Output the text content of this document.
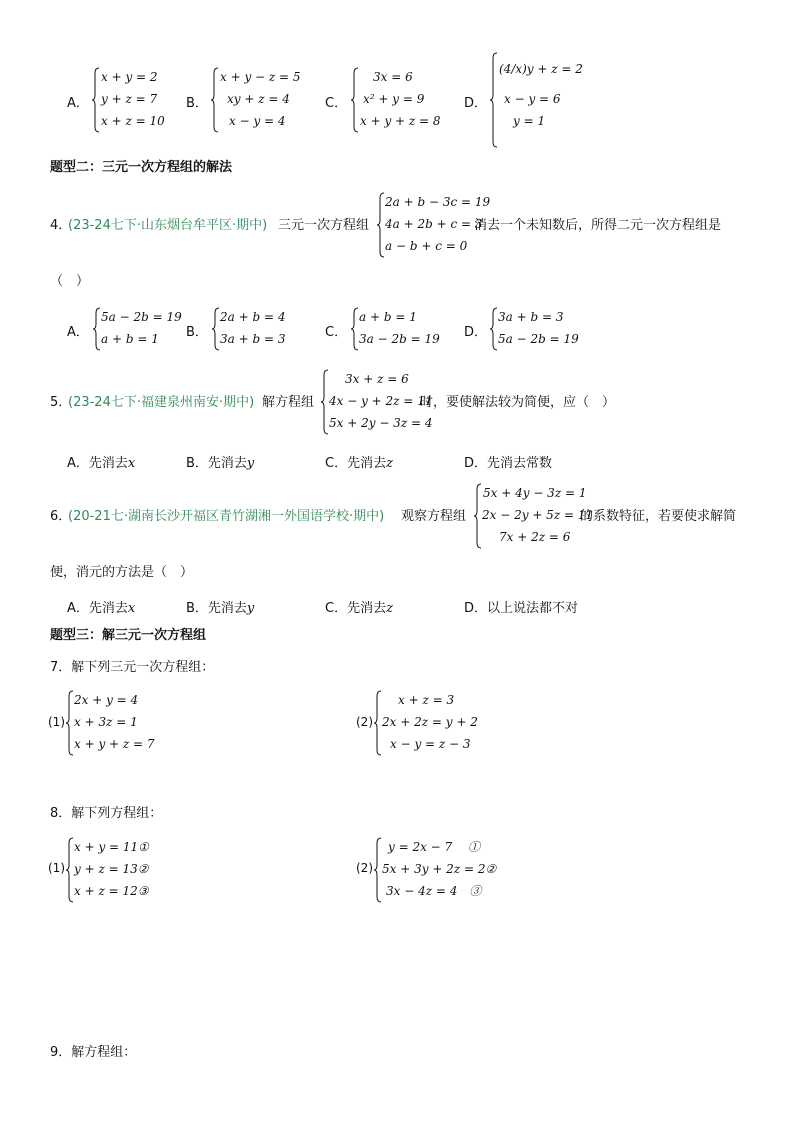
A．
x + y = 2
y + z = 7
x + z = 10
B．
x + y − z = 5
xy + z = 4
x − y = 4
C．
3x = 6
x² + y = 9
x + y + z = 8
D．
(4/x)y + z = 2
x − y = 6
y = 1
题型二：三元一次方程组的解法
4．
(23-24七下·山东烟台牟平区·期中) 三元一次方程组
2a + b − 3c = 19
4a + 2b + c = 3
a − b + c = 0
消去一个未知数后，所得二元一次方程组是
（　）
A．
5a − 2b = 19
a + b = 1 B．
2a + b = 4
3a + b = 3	C．
a + b = 1
3a − 2b = 19 D．
3a + b = 3
5a − 2b = 19
5．
(23-24七下·福建泉州南安·期中) 解方程组
3x + z = 6
4x − y + 2z = 11
5x + 2y − 3z = 4
时，要使解法较为简便，应（　）
A．先消去x	B．先消去y	C．先消去z	D．先消去常数
6．
(20-21七·湖南长沙开福区青竹湖湘一外国语学校·期中) 观察方程组
5x + 4y − 3z = 1
2x − 2y + 5z = 11
7x + 2z = 6
的系数特征，若要使求解简
便，消元的方法是（　）
A．先消去x	B．先消去y	C．先消去z	D．以上说法都不对
题型三：解三元一次方程组
7．解下列三元一次方程组：
(1)
2x + y = 4
x + 3z = 1
x + y + z = 7
(2)
x + z = 3
2x + 2z = y + 2
x − y = z − 3
8．解下列方程组：
(1)
x + y = 11①
y + z = 13②
x + z = 12③
(2)
y = 2x − 7　 ①
5x + 3y + 2z = 2②
3x − 4z = 4　③
9．解方程组：
